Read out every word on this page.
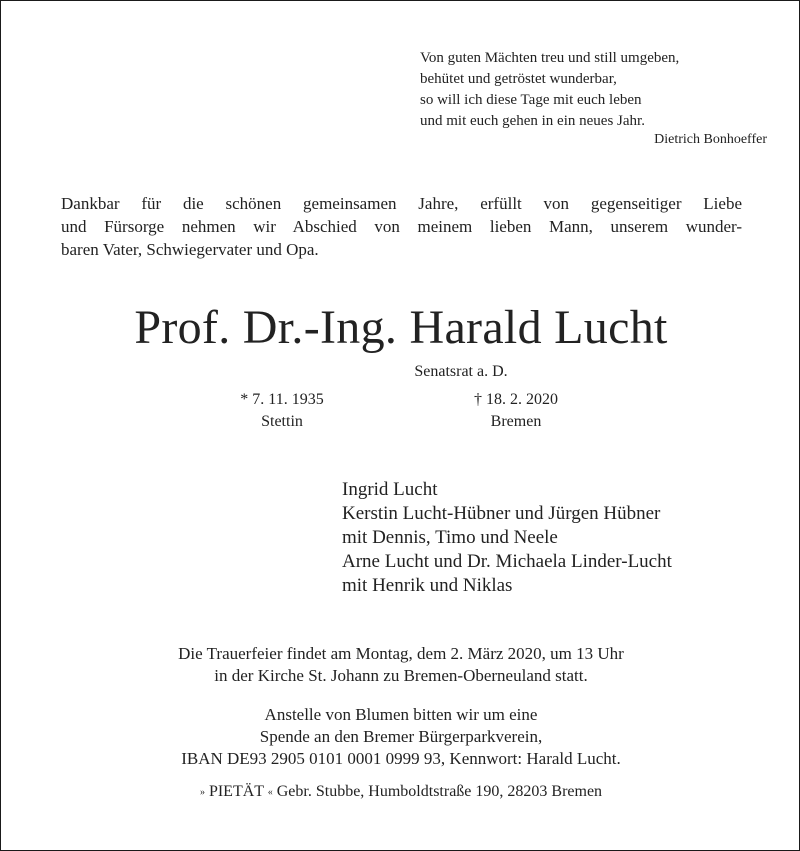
Von guten Mächten treu und still umgeben,
behütet und getröstet wunderbar,
so will ich diese Tage mit euch leben
und mit euch gehen in ein neues Jahr.
Dietrich Bonhoeffer
Dankbar für die schönen gemeinsamen Jahre, erfüllt von gegenseitiger Liebe
und Fürsorge nehmen wir Abschied von meinem lieben Mann, unserem wunder-
baren Vater, Schwiegervater und Opa.
Prof. Dr.-Ing. Harald Lucht
Senatsrat a. D.
* 7. 11. 1935
Stettin
† 18. 2. 2020
Bremen
Ingrid Lucht
Kerstin Lucht-Hübner und Jürgen Hübner
mit Dennis, Timo und Neele
Arne Lucht und Dr. Michaela Linder-Lucht
mit Henrik und Niklas
Die Trauerfeier findet am Montag, dem 2. März 2020, um 13 Uhr
in der Kirche St. Johann zu Bremen-Oberneuland statt.
Anstelle von Blumen bitten wir um eine
Spende an den Bremer Bürgerparkverein,
IBAN DE93 2905 0101 0001 0999 93, Kennwort: Harald Lucht.
» PIETÄT « Gebr. Stubbe, Humboldtstraße 190, 28203 Bremen
